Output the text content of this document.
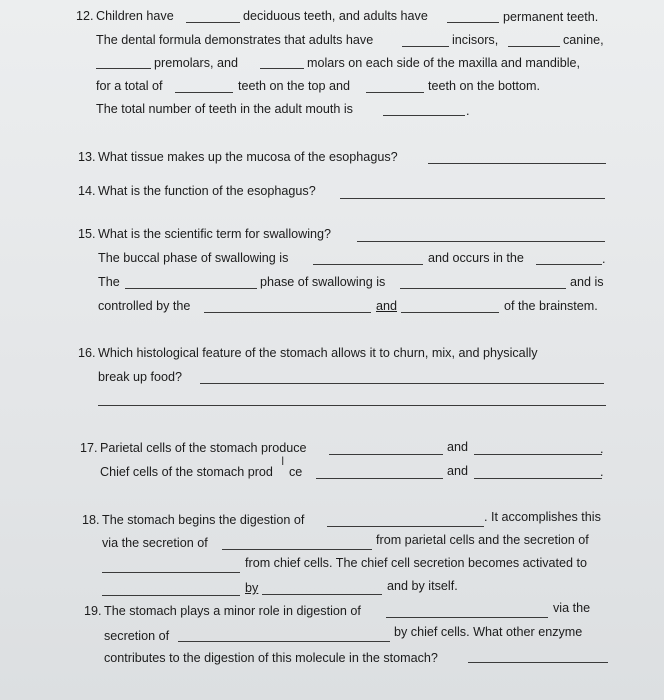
12. Children have	deciduous teeth, and adults have	permanent teeth.
The dental formula demonstrates that adults have	incisors,	canine,
premolars, and	molars on each side of the maxilla and mandible,
for a total of	teeth on the top and	teeth on the bottom.
The total number of teeth in the adult mouth is	.
13. What tissue makes up the mucosa of the esophagus?
14. What is the function of the esophagus?
15. What is the scientific term for swallowing?
The buccal phase of swallowing is	and occurs in the	.
The	phase of swallowing is	and is
controlled by the	and	of the brainstem.
16. Which histological feature of the stomach allows it to churn, mix, and physically
break up food?
17. Parietal cells of the stomach produce	and	.
Chief cells of the stomach prod
I
ce	and	.
18. The stomach begins the digestion of	. It accomplishes this
via the secretion of	from parietal cells and the secretion of
from chief cells. The chief cell secretion becomes activated to
by	and by itself.
19. The stomach plays a minor role in digestion of	via the
secretion of	by chief cells. What other enzyme
contributes to the digestion of this molecule in the stomach?
